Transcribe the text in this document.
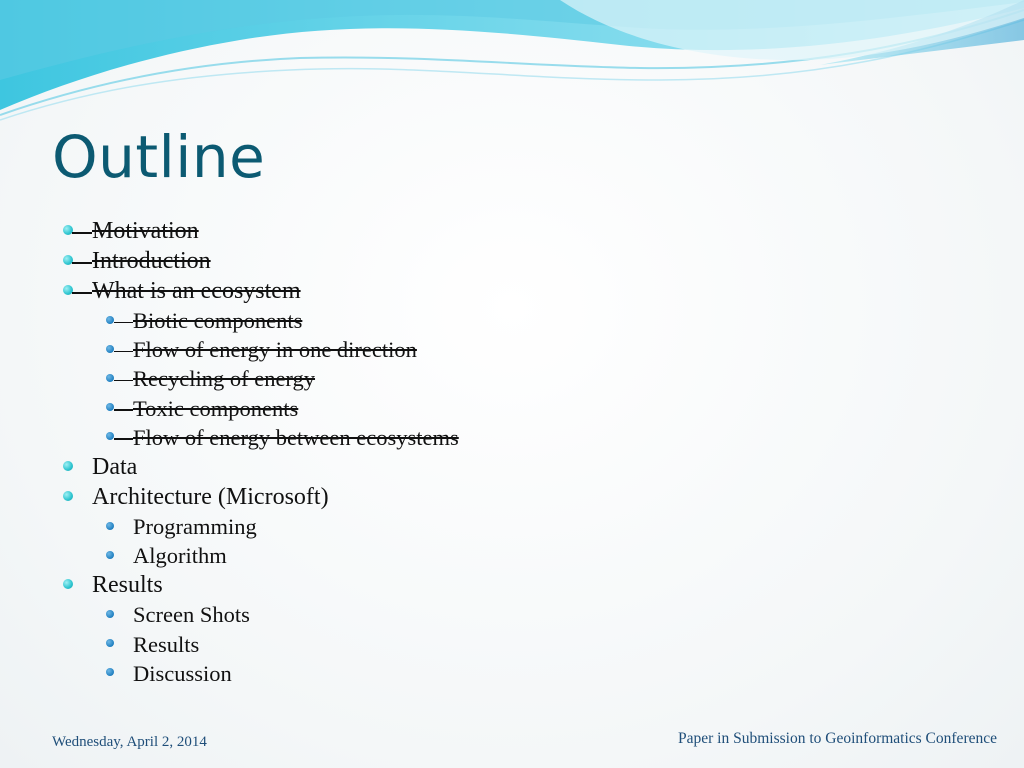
Outline
Motivation
Introduction
What is an ecosystem
Biotic components
Flow of energy in one direction
Recycling of energy
Toxic components
Flow of energy between ecosystems
Data
Architecture (Microsoft)
Programming
Algorithm
Results
Screen Shots
Results
Discussion
Wednesday, April 2, 2014	Paper in Submission to Geoinformatics Conference
